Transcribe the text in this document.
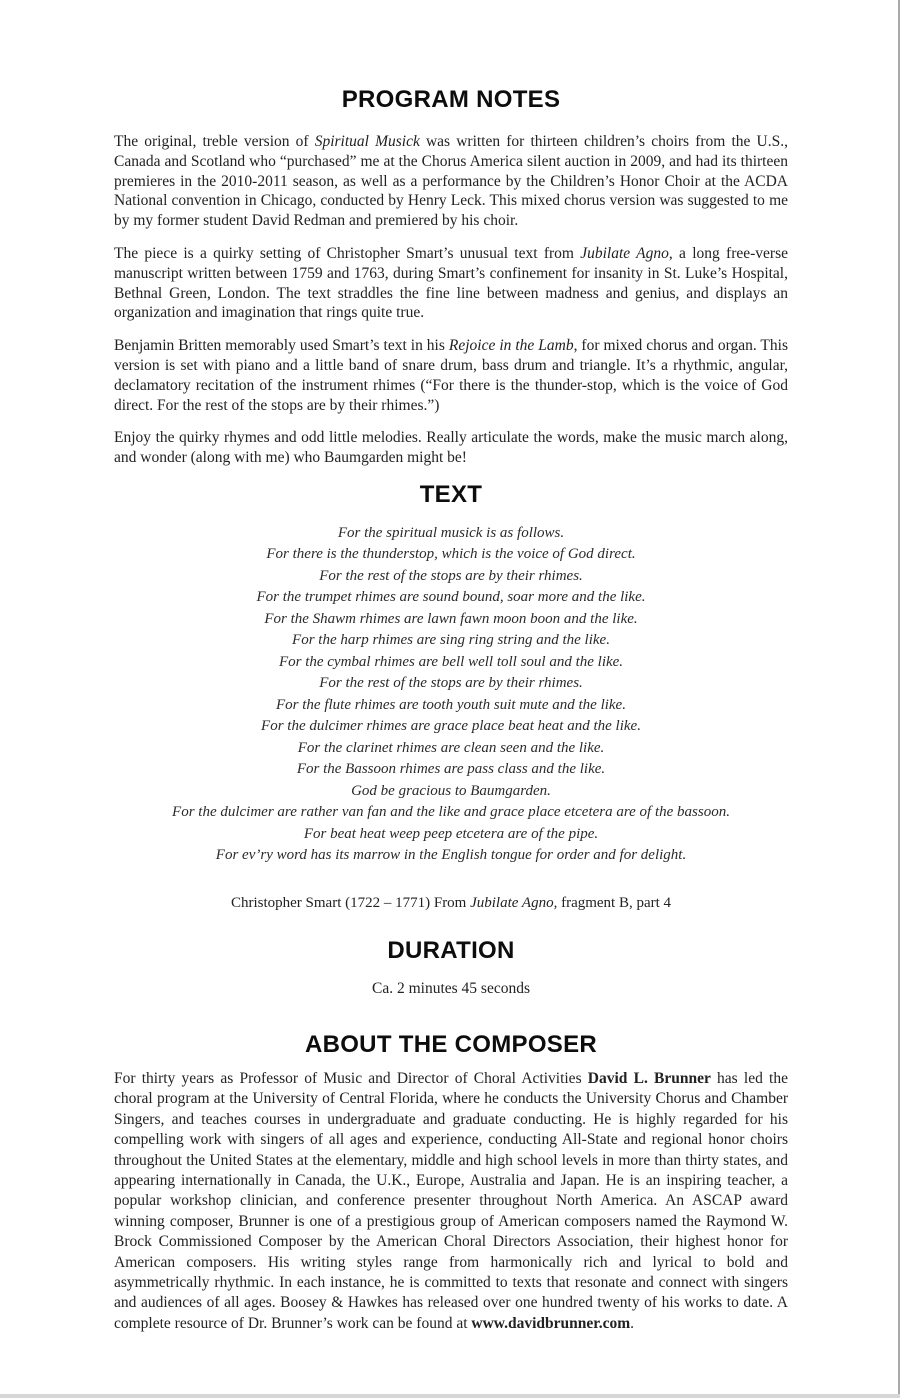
PROGRAM NOTES

The original, treble version of Spiritual Musick was written for thirteen children’s choirs from the U.S., Canada and Scotland who “purchased” me at the Chorus America silent auction in 2009, and had its thirteen premieres in the 2010-2011 season, as well as a performance by the Children’s Honor Choir at the ACDA National convention in Chicago, conducted by Henry Leck. This mixed chorus version was suggested to me by my former student David Redman and premiered by his choir.

The piece is a quirky setting of Christopher Smart’s unusual text from Jubilate Agno, a long free-verse manuscript written between 1759 and 1763, during Smart’s confinement for insanity in St. Luke’s Hospital, Bethnal Green, London. The text straddles the fine line between madness and genius, and displays an organization and imagination that rings quite true.

Benjamin Britten memorably used Smart’s text in his Rejoice in the Lamb, for mixed chorus and organ. This version is set with piano and a little band of snare drum, bass drum and triangle. It’s a rhythmic, angular, declamatory recitation of the instrument rhimes (“For there is the thunder-stop, which is the voice of God direct. For the rest of the stops are by their rhimes.”)

Enjoy the quirky rhymes and odd little melodies. Really articulate the words, make the music march along, and wonder (along with me) who Baumgarden might be!

TEXT
For the spiritual musick is as follows.
For there is the thunderstop, which is the voice of God direct.
For the rest of the stops are by their rhimes.
For the trumpet rhimes are sound bound, soar more and the like.
For the Shawm rhimes are lawn fawn moon boon and the like.
For the harp rhimes are sing ring string and the like.
For the cymbal rhimes are bell well toll soul and the like.
For the rest of the stops are by their rhimes.
For the flute rhimes are tooth youth suit mute and the like.
For the dulcimer rhimes are grace place beat heat and the like.
For the clarinet rhimes are clean seen and the like.
For the Bassoon rhimes are pass class and the like.
God be gracious to Baumgarden.
For the dulcimer are rather van fan and the like and grace place etcetera are of the bassoon.
For beat heat weep peep etcetera are of the pipe.
For ev’ry word has its marrow in the English tongue for order and for delight.
Christopher Smart (1722 – 1771) From Jubilate Agno, fragment B, part 4
DURATION
Ca. 2 minutes 45 seconds
ABOUT THE COMPOSER

For thirty years as Professor of Music and Director of Choral Activities David L. Brunner has led the choral program at the University of Central Florida, where he conducts the University Chorus and Chamber Singers, and teaches courses in undergraduate and graduate conducting. He is highly regarded for his compelling work with singers of all ages and experience, conducting All-State and regional honor choirs throughout the United States at the elementary, middle and high school levels in more than thirty states, and appearing internationally in Canada, the U.K., Europe, Australia and Japan. He is an inspiring teacher, a popular workshop clinician, and conference presenter throughout North America. An ASCAP award winning composer, Brunner is one of a prestigious group of American composers named the Raymond W. Brock Commissioned Composer by the American Choral Directors Association, their highest honor for American composers. His writing styles range from harmonically rich and lyrical to bold and asymmetrically rhythmic. In each instance, he is committed to texts that resonate and connect with singers and audiences of all ages. Boosey & Hawkes has released over one hundred twenty of his works to date. A complete resource of Dr. Brunner’s work can be found at www.davidbrunner.com.
